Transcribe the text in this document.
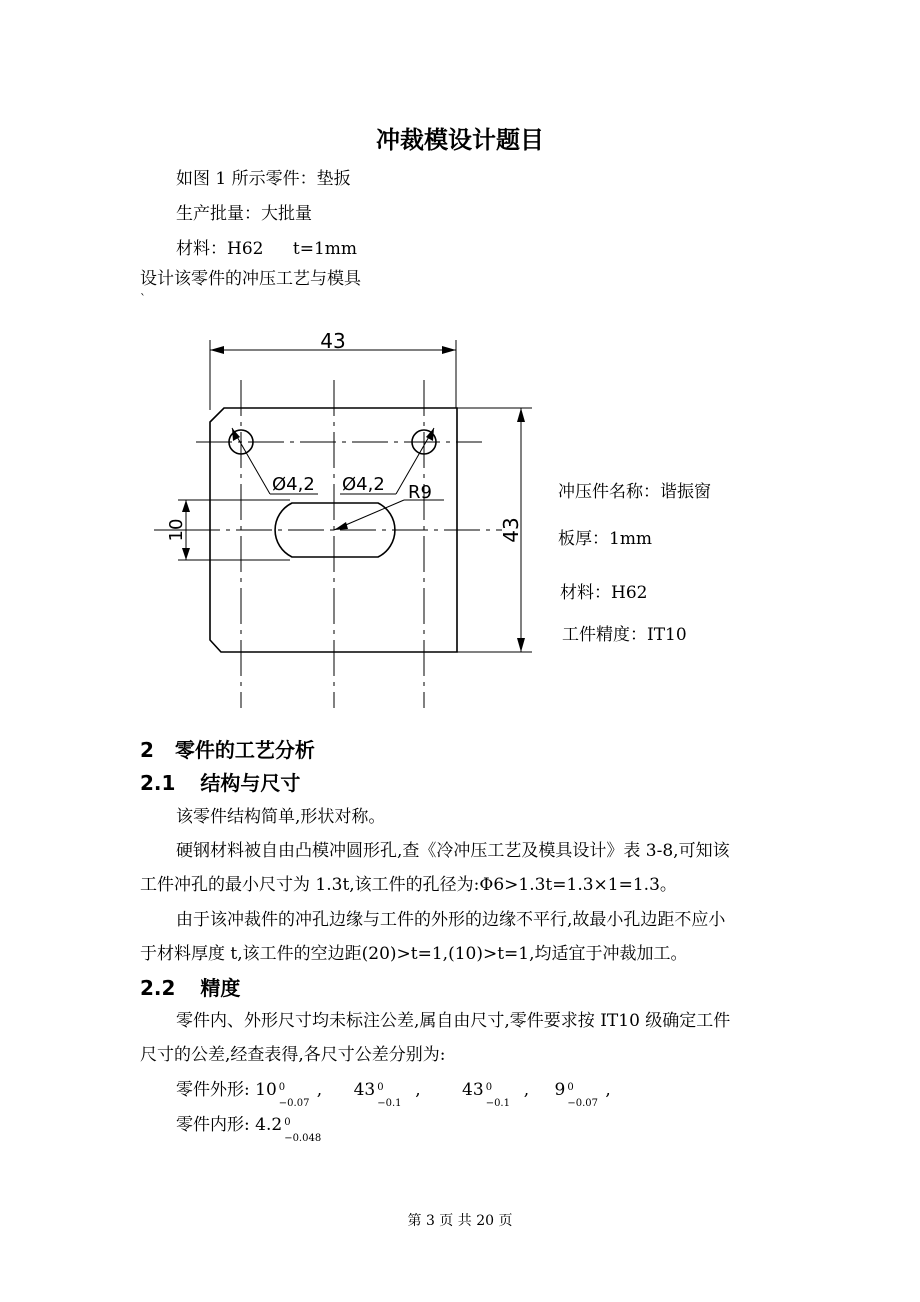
冲裁模设计题目
如图 1 所示零件：垫扳
生产批量：大批量
材料：H62 t=1mm
设计该零件的冲压工艺与模具
`
43
43
10
Ø4,2 Ø4,2 R9	冲压件名称：谐振窗
板厚：1mm
材料：H62
工件精度：IT10
2 零件的工艺分析
2.1 结构与尺寸
该零件结构简单,形状对称。
硬钢材料被自由凸模冲圆形孔,查《冷冲压工艺及模具设计》表 3-8,可知该
工件冲孔的最小尺寸为 1.3t,该工件的孔径为:Φ6>1.3t=1.3×1=1.3。
由于该冲裁件的冲孔边缘与工件的外形的边缘不平行,故最小孔边距不应小
于材料厚度 t,该工件的空边距(20)>t=1,(10)>t=1,均适宜于冲裁加工。
2.2 精度
零件内、外形尺寸均未标注公差,属自由尺寸,零件要求按 IT10 级确定工件
尺寸的公差,经查表得,各尺寸公差分别为:
零件外形: 10 0
−0.07
, 43 0
−0.1
, 43 0
−0.1
, 9 0
−0.07
,
零件内形: 4.2 0
−0.048
第 3 页 共 20 页
